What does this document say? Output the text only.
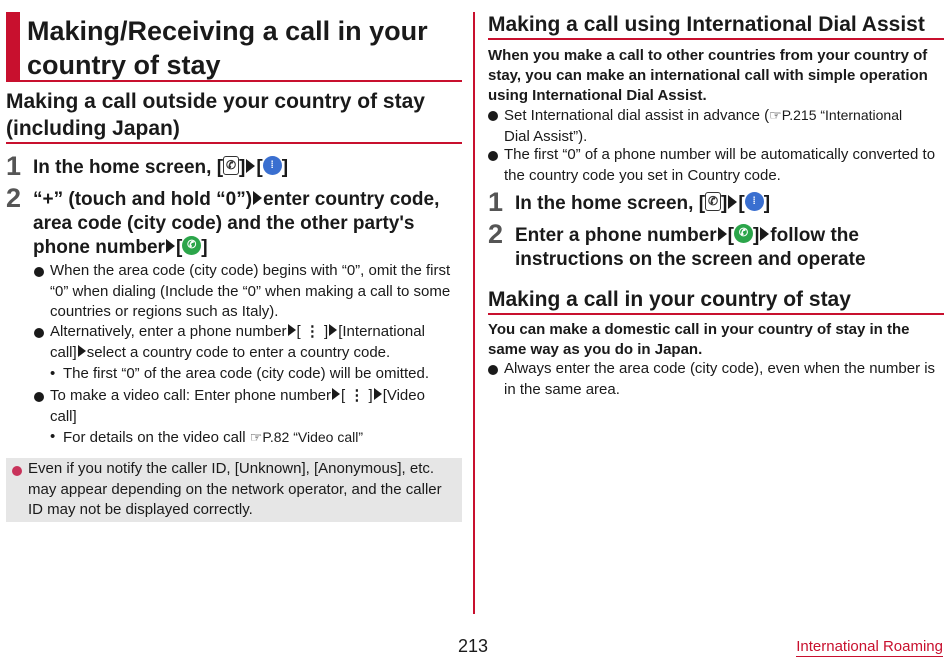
Making/Receiving a call in your
country of stay
Making a call outside your country of stay
(including Japan)
1 In the home screen, [ ✆ ] [ ⁞ ]
2 “+” (touch and hold “0”) enter country code,
area code (city code) and the other party's
phone number [ ✆ ]
When the area code (city code) begins with “0”, omit the first
“0” when dialing (Include the “0” when making a call to some
countries or regions such as Italy).
Alternatively, enter a phone number [ ⋮ ] [International
call] select a country code to enter a country code.
• The first “0” of the area code (city code) will be omitted.
To make a video call: Enter phone number [ ⋮ ] [Video
call]
• For details on the video call ☞P.82 “Video call”
Even if you notify the caller ID, [Unknown], [Anonymous], etc.
may appear depending on the network operator, and the caller
ID may not be displayed correctly.
Making a call using International Dial Assist
When you make a call to other countries from your country of
stay, you can make an international call with simple operation
using International Dial Assist.
Set International dial assist in advance (☞P.215 “International
Dial Assist”).
The first “0” of a phone number will be automatically converted to
the country code you set in Country code.
1 In the home screen, [ ✆ ] [ ⁞ ]
2 Enter a phone number [ ✆ ] follow the
instructions on the screen and operate
Making a call in your country of stay
You can make a domestic call in your country of stay in the
same way as you do in Japan.
Always enter the area code (city code), even when the number is
in the same area.
213	International Roaming
